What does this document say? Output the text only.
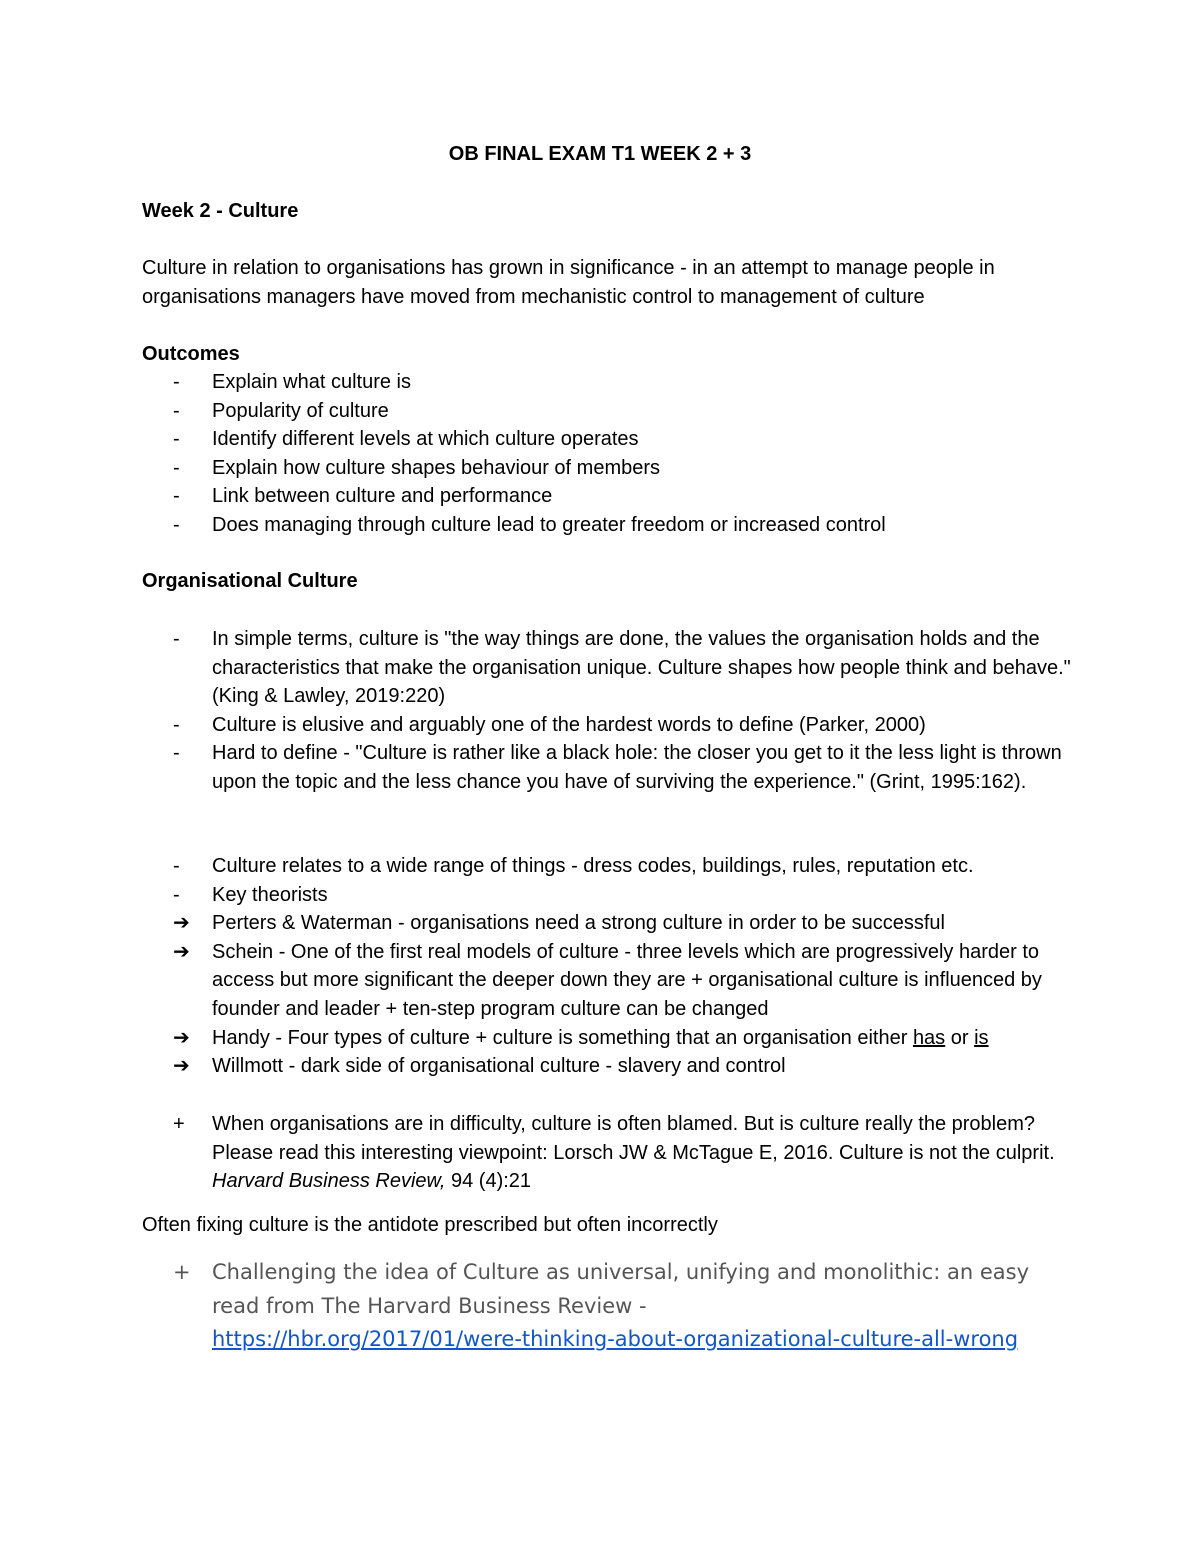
OB FINAL EXAM T1 WEEK 2 + 3
Week 2 - Culture
Culture in relation to organisations has grown in significance - in an attempt to manage people in organisations managers have moved from mechanistic control to management of culture
Outcomes
-	Explain what culture is
-	Popularity of culture
-	Identify different levels at which culture operates
-	Explain how culture shapes behaviour of members
-	Link between culture and performance
-	Does managing through culture lead to greater freedom or increased control
Organisational Culture
-	In simple terms, culture is "the way things are done, the values the organisation holds and the characteristics that make the organisation unique. Culture shapes how people think and behave." (King & Lawley, 2019:220)
-	Culture is elusive and arguably one of the hardest words to define (Parker, 2000)
-	Hard to define - "Culture is rather like a black hole: the closer you get to it the less light is thrown upon the topic and the less chance you have of surviving the experience." (Grint, 1995:162).
-	Culture relates to a wide range of things - dress codes, buildings, rules, reputation etc.
-	Key theorists
➔	Perters & Waterman - organisations need a strong culture in order to be successful
➔	Schein - One of the first real models of culture - three levels which are progressively harder to access but more significant the deeper down they are + organisational culture is influenced by founder and leader + ten-step program culture can be changed
➔	Handy - Four types of culture + culture is something that an organisation either has or is
➔	Willmott - dark side of organisational culture - slavery and control
+	When organisations are in difficulty, culture is often blamed. But is culture really the problem? Please read this interesting viewpoint: Lorsch JW & McTague E, 2016. Culture is not the culprit. Harvard Business Review, 94 (4):21
Often fixing culture is the antidote prescribed but often incorrectly
+	Challenging the idea of Culture as universal, unifying and monolithic: an easy read from The Harvard Business Review -
https://hbr.org/2017/01/were-thinking-about-organizational-culture-all-wrong
